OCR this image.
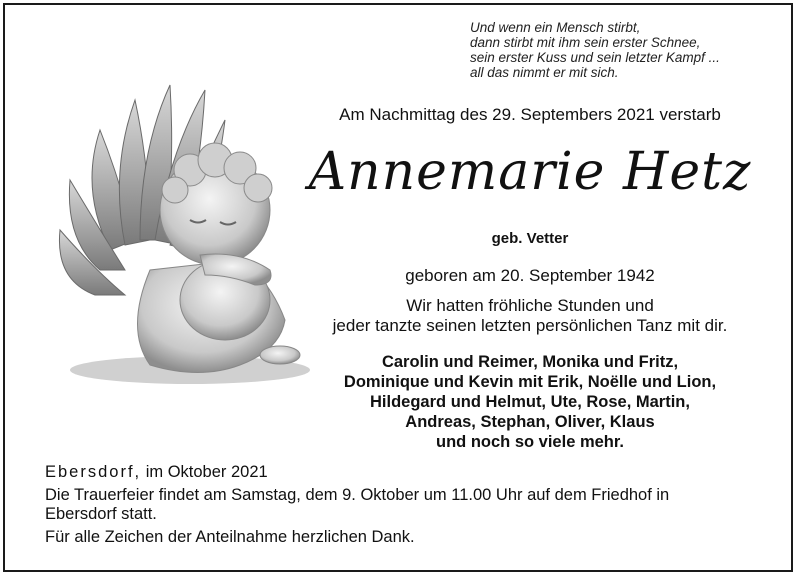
Und wenn ein Mensch stirbt,
dann stirbt mit ihm sein erster Schnee,
sein erster Kuss und sein letzter Kampf ...
all das nimmt er mit sich.
Am Nachmittag des 29. Septembers 2021 verstarb
Annemarie Hetz
geb. Vetter
geboren am 20. September 1942
Wir hatten fröhliche Stunden und
jeder tanzte seinen letzten persönlichen Tanz mit dir.
Carolin und Reimer, Monika und Fritz,
Dominique und Kevin mit Erik, Noëlle und Lion,
Hildegard und Helmut, Ute, Rose, Martin,
Andreas, Stephan, Oliver, Klaus
und noch so viele mehr.
Ebersdorf, im Oktober 2021
Die Trauerfeier findet am Samstag, dem 9. Oktober um 11.00 Uhr auf dem Friedhof in
Ebersdorf statt.
Für alle Zeichen der Anteilnahme herzlichen Dank.
